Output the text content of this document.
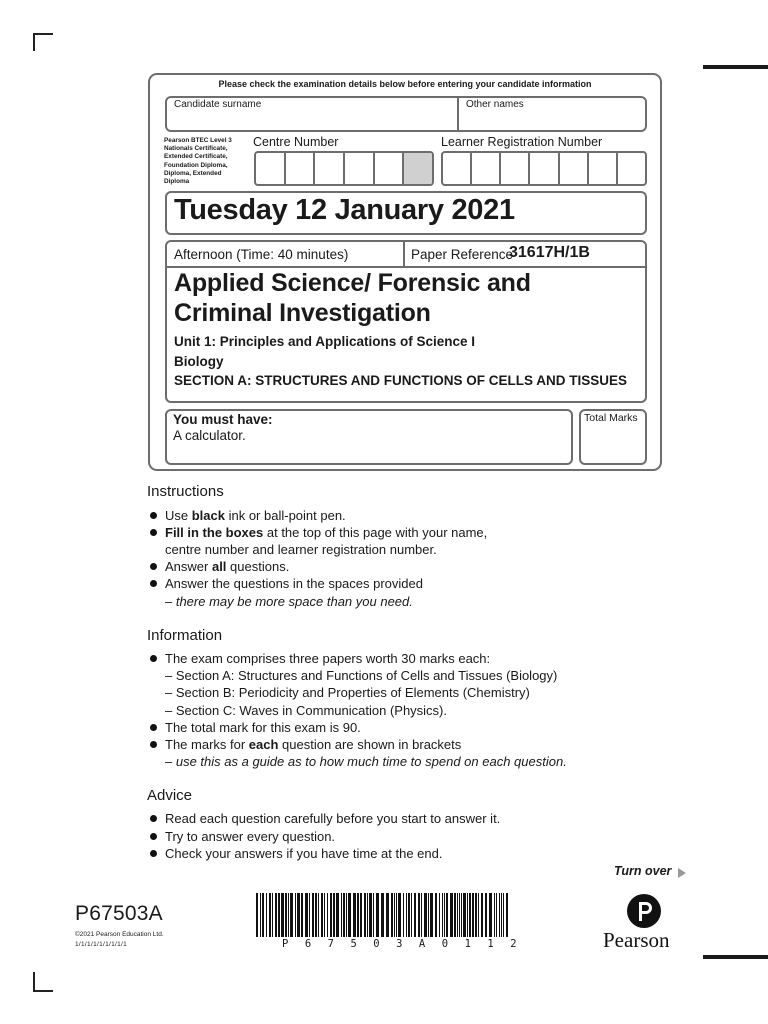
Please check the examination details below before entering your candidate information
Candidate surname	Other names
Pearson BTEC Level 3
Nationals Certificate,
Extended Certificate,
Foundation Diploma,
Diploma, Extended
Diploma
Centre Number	Learner Registration Number
Tuesday 12 January 2021
Afternoon (Time: 40 minutes)	Paper Reference
31617H/1B
Applied Science/ Forensic and
Criminal Investigation
Unit 1: Principles and Applications of Science I
Biology
SECTION A: STRUCTURES AND FUNCTIONS OF CELLS AND TISSUES
You must have:
A calculator.
Total Marks
Instructions
Use black ink or ball-point pen.
Fill in the boxes at the top of this page with your name,
centre number and learner registration number.
Answer all questions.
Answer the questions in the spaces provided
– there may be more space than you need.
Information
The exam comprises three papers worth 30 marks each:
– Section A: Structures and Functions of Cells and Tissues (Biology)
– Section B: Periodicity and Properties of Elements (Chemistry)
– Section C: Waves in Communication (Physics).
The total mark for this exam is 90.
The marks for each question are shown in brackets
– use this as a guide as to how much time to spend on each question.
Advice
Read each question carefully before you start to answer it.
Try to answer every question.
Check your answers if you have time at the end.
Turn over
P67503A
©2021 Pearson Education Ltd.
1/1/1/1/1/1/1/1/1	P67503A0112	Pearson
